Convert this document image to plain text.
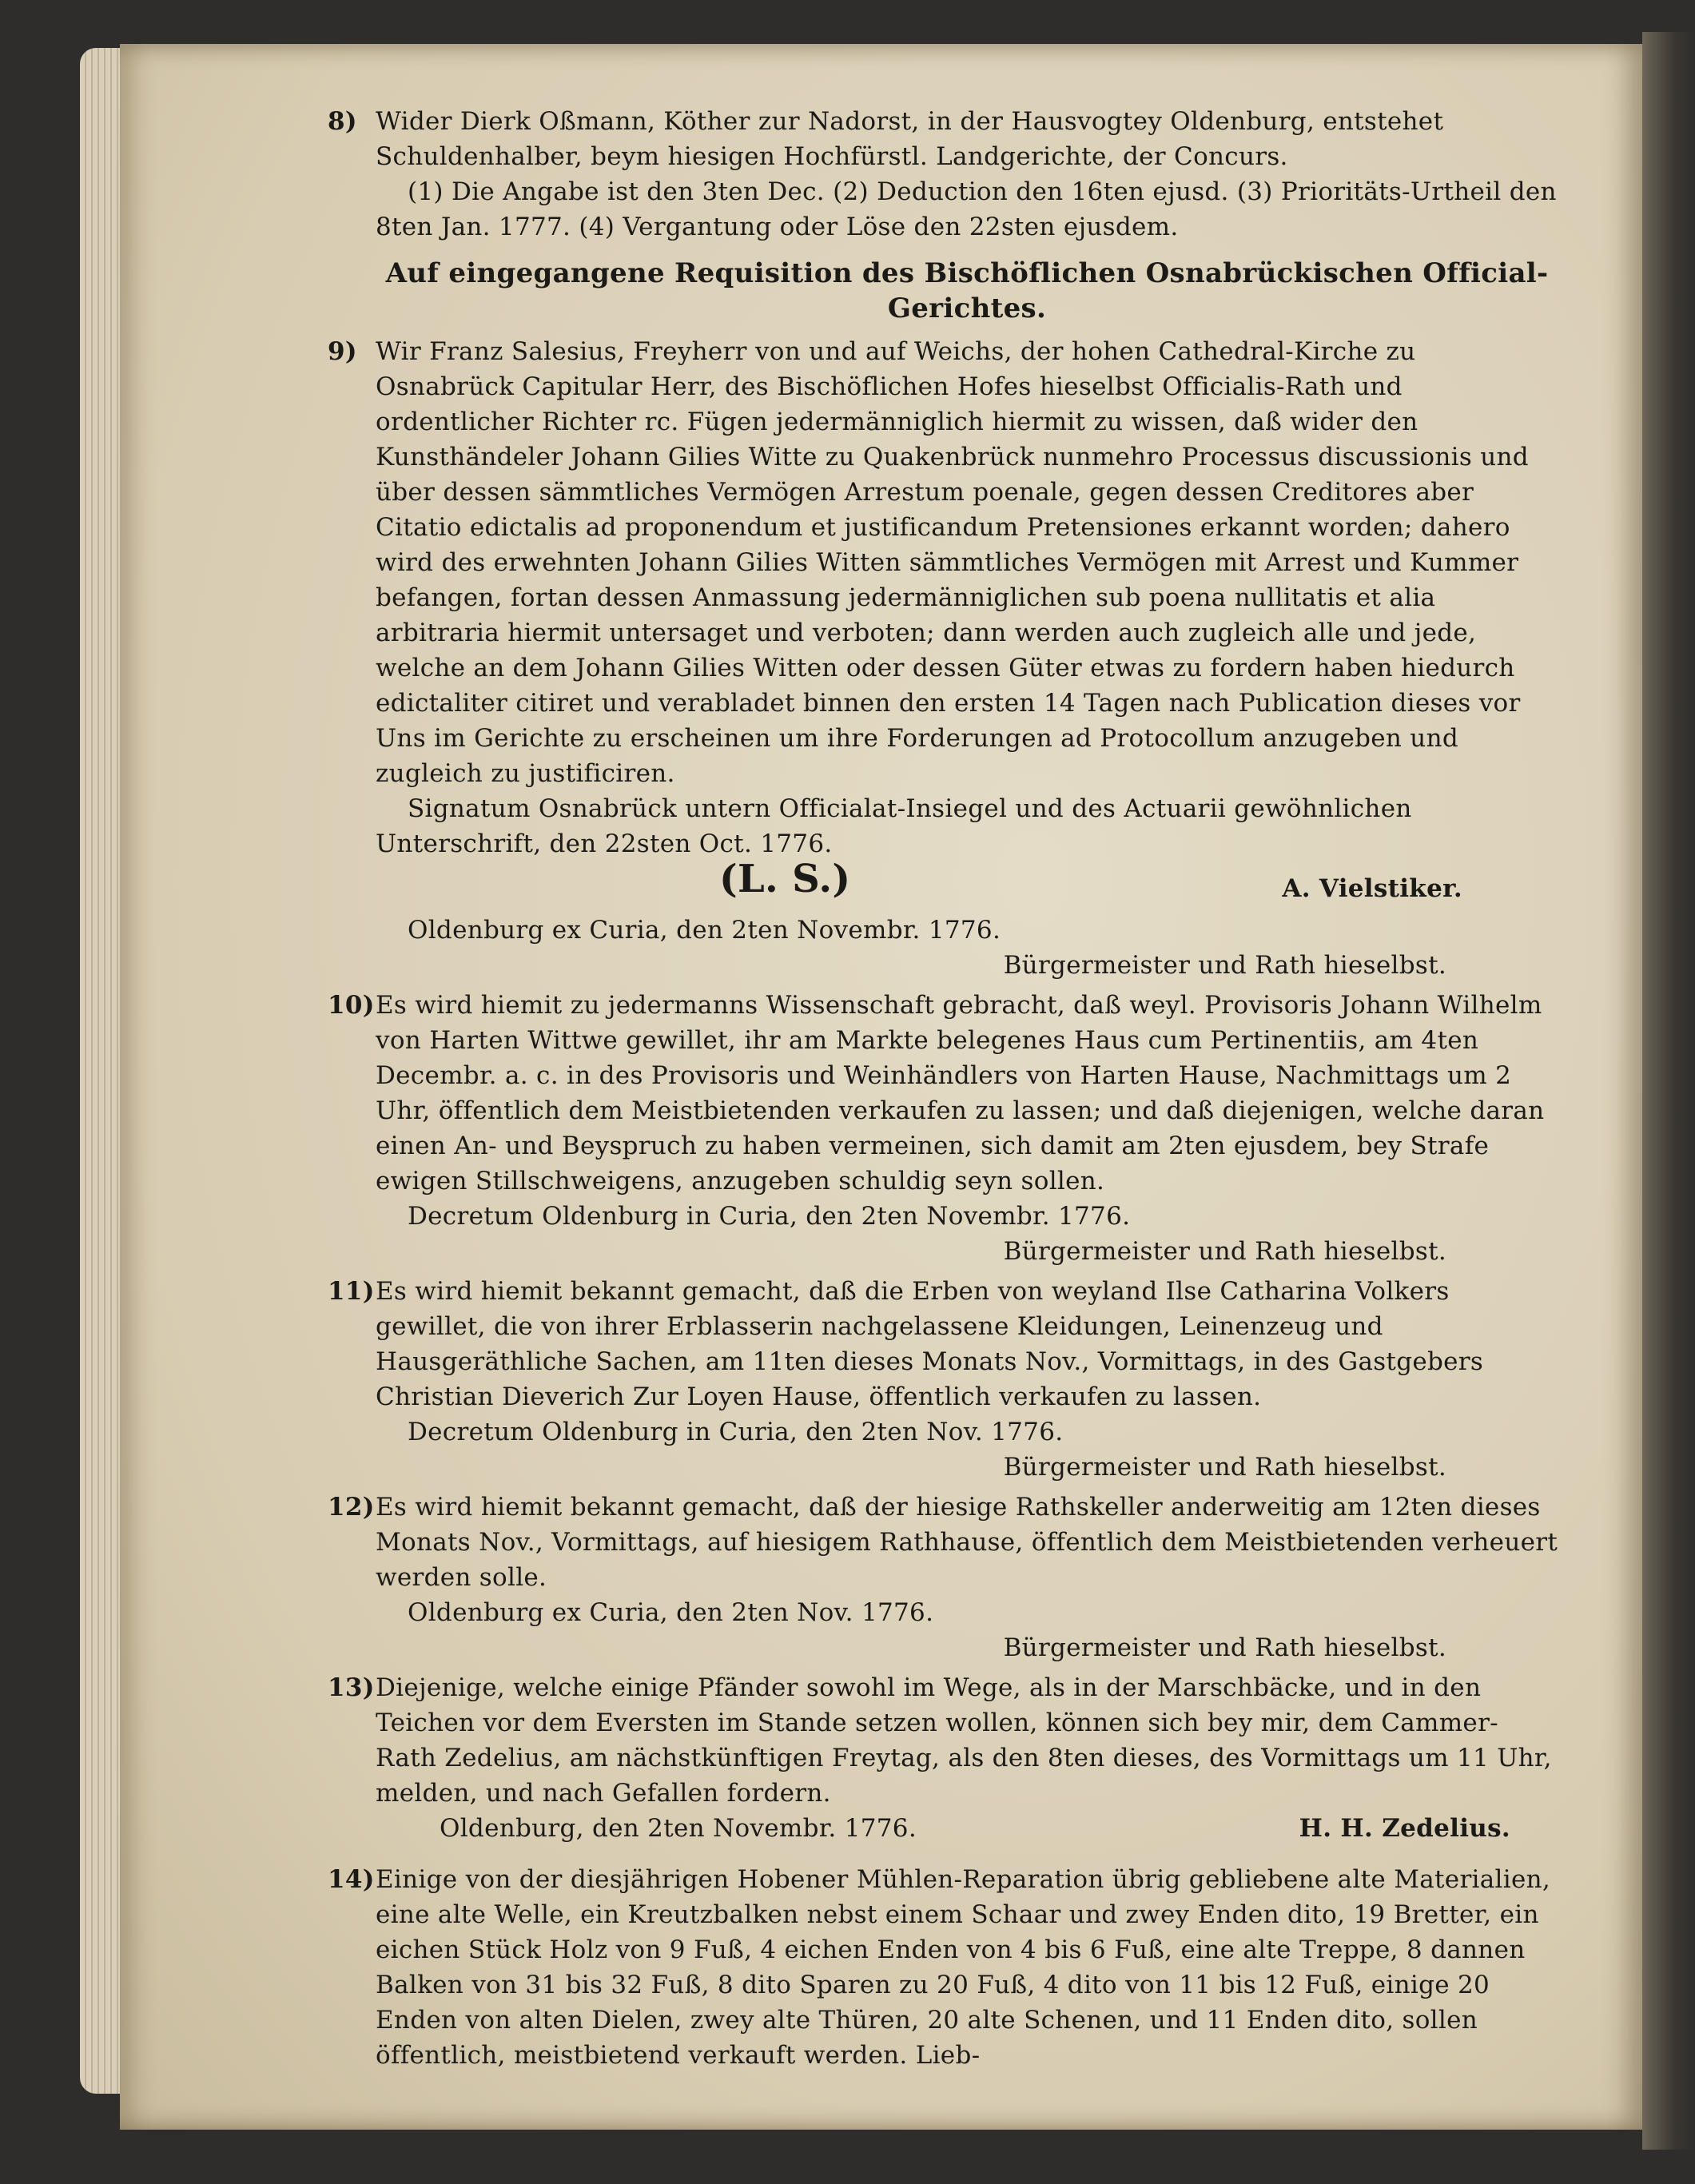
8) Wider Dierk Oßmann, Köther zur Nadorst, in der Hausvogtey Oldenburg, entstehet Schuldenhalber, beym hiesigen Hochfürstl. Landgerichte, der Concurs.

(1) Die Angabe ist den 3ten Dec. (2) Deduction den 16ten ejusd. (3) Prioritäts-Urtheil den 8ten Jan. 1777. (4) Vergantung oder Löse den 22sten ejusdem.

Auf eingegangene Requisition des Bischöflichen Osnabrückischen Official-Gerichtes.

9) Wir Franz Salesius, Freyherr von und auf Weichs, der hohen Cathedral-Kirche zu Osnabrück Capitular Herr, des Bischöflichen Hofes hieselbst Officialis-Rath und ordentlicher Richter rc. Fügen jedermänniglich hiermit zu wissen, daß wider den Kunsthändeler Johann Gilies Witte zu Quakenbrück nunmehro Processus discussionis und über dessen sämmtliches Vermögen Arrestum poenale, gegen dessen Creditores aber Citatio edictalis ad proponendum et justificandum Pretensiones erkannt worden; dahero wird des erwehnten Johann Gilies Witten sämmtliches Vermögen mit Arrest und Kummer befangen, fortan dessen Anmassung jedermänniglichen sub poena nullitatis et alia arbitraria hiermit untersaget und verboten; dann werden auch zugleich alle und jede, welche an dem Johann Gilies Witten oder dessen Güter etwas zu fordern haben hiedurch edictaliter citiret und verabladet binnen den ersten 14 Tagen nach Publication dieses vor Uns im Gerichte zu erscheinen um ihre Forderungen ad Protocollum anzugeben und zugleich zu justificiren.

Signatum Osnabrück untern Officialat-Insiegel und des Actuarii gewöhnlichen Unterschrift, den 22sten Oct. 1776.

(L. S.)	A. Vielstiker.

Oldenburg ex Curia, den 2ten Novembr. 1776.

Bürgermeister und Rath hieselbst.

10) Es wird hiemit zu jedermanns Wissenschaft gebracht, daß weyl. Provisoris Johann Wilhelm von Harten Wittwe gewillet, ihr am Markte belegenes Haus cum Pertinentiis, am 4ten Decembr. a. c. in des Provisoris und Weinhändlers von Harten Hause, Nachmittags um 2 Uhr, öffentlich dem Meistbietenden verkaufen zu lassen; und daß diejenigen, welche daran einen An- und Beyspruch zu haben vermeinen, sich damit am 2ten ejusdem, bey Strafe ewigen Stillschweigens, anzugeben schuldig seyn sollen.

Decretum Oldenburg in Curia, den 2ten Novembr. 1776.

Bürgermeister und Rath hieselbst.

11) Es wird hiemit bekannt gemacht, daß die Erben von weyland Ilse Catharina Volkers gewillet, die von ihrer Erblasserin nachgelassene Kleidungen, Leinenzeug und Hausgeräthliche Sachen, am 11ten dieses Monats Nov., Vormittags, in des Gastgebers Christian Dieverich Zur Loyen Hause, öffentlich verkaufen zu lassen.

Decretum Oldenburg in Curia, den 2ten Nov. 1776.

Bürgermeister und Rath hieselbst.

12) Es wird hiemit bekannt gemacht, daß der hiesige Rathskeller anderweitig am 12ten dieses Monats Nov., Vormittags, auf hiesigem Rathhause, öffentlich dem Meistbietenden verheuert werden solle.

Oldenburg ex Curia, den 2ten Nov. 1776.

Bürgermeister und Rath hieselbst.

13) Diejenige, welche einige Pfänder sowohl im Wege, als in der Marschbäcke, und in den Teichen vor dem Eversten im Stande setzen wollen, können sich bey mir, dem Cammer-Rath Zedelius, am nächstkünftigen Freytag, als den 8ten dieses, des Vormittags um 11 Uhr, melden, und nach Gefallen fordern.

Oldenburg, den 2ten Novembr. 1776.	H. H. Zedelius.

14) Einige von der diesjährigen Hobener Mühlen-Reparation übrig gebliebene alte Materialien, eine alte Welle, ein Kreutzbalken nebst einem Schaar und zwey Enden dito, 19 Bretter, ein eichen Stück Holz von 9 Fuß, 4 eichen Enden von 4 bis 6 Fuß, eine alte Treppe, 8 dannen Balken von 31 bis 32 Fuß, 8 dito Sparen zu 20 Fuß, 4 dito von 11 bis 12 Fuß, einige 20 Enden von alten Dielen, zwey alte Thüren, 20 alte Schenen, und 11 Enden dito, sollen öffentlich, meistbietend verkauft werden. Lieb-
